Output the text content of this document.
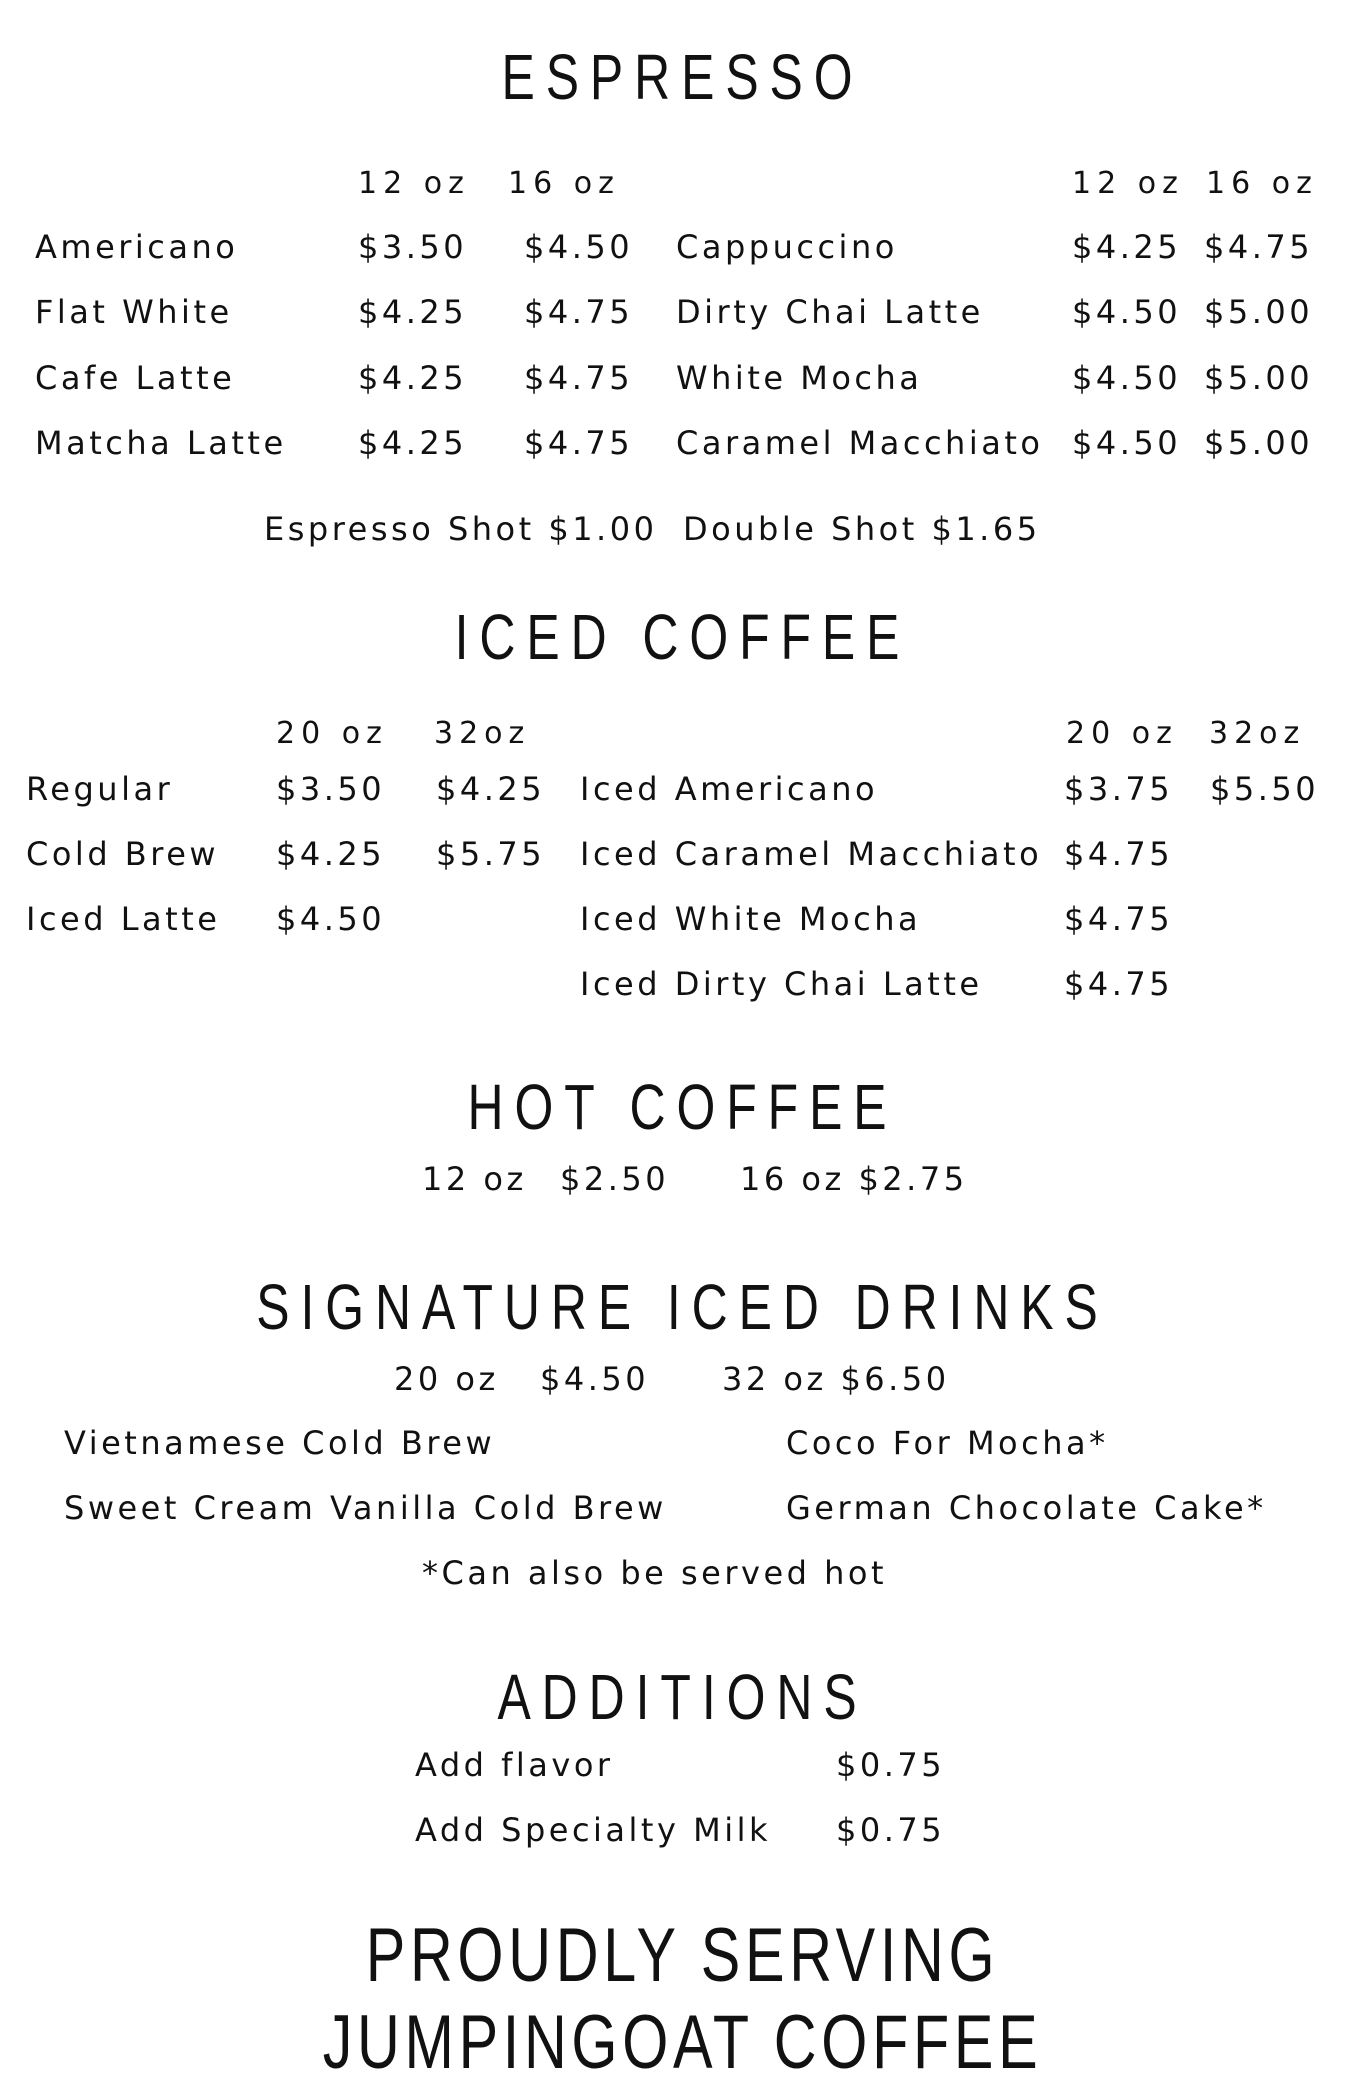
ESPRESSO
12 oz 16 oz	12 oz 16 oz
Americano	$3.50 $4.50
Flat White	$4.25 $4.75
Cafe Latte	$4.25 $4.75
Matcha Latte $4.25 $4.75
Cappuccino	$4.25 $4.75
Dirty Chai Latte	$4.50 $5.00
White Mocha	$4.50 $5.00
Caramel Macchiato $4.50 $5.00
Espresso Shot $1.00 Double Shot $1.65
ICED COFFEE
20 oz 32oz	20 oz 32oz
Regular	$3.50 $4.25
Cold Brew $4.25 $5.75
Iced Latte $4.50
Iced Americano	$3.75 $5.50
Iced Caramel Macchiato $4.75
Iced White Mocha	$4.75
Iced Dirty Chai Latte	$4.75
HOT COFFEE
12 oz $2.50 16 oz $2.75
SIGNATURE ICED DRINKS
20 oz $4.50 32 oz $6.50
Vietnamese Cold Brew
Sweet Cream Vanilla Cold Brew
Coco For Mocha*
German Chocolate Cake*
*Can also be served hot
ADDITIONS
Add flavor	$0.75
Add Specialty Milk $0.75
PROUDLY SERVING JUMPINGOAT COFFEE
